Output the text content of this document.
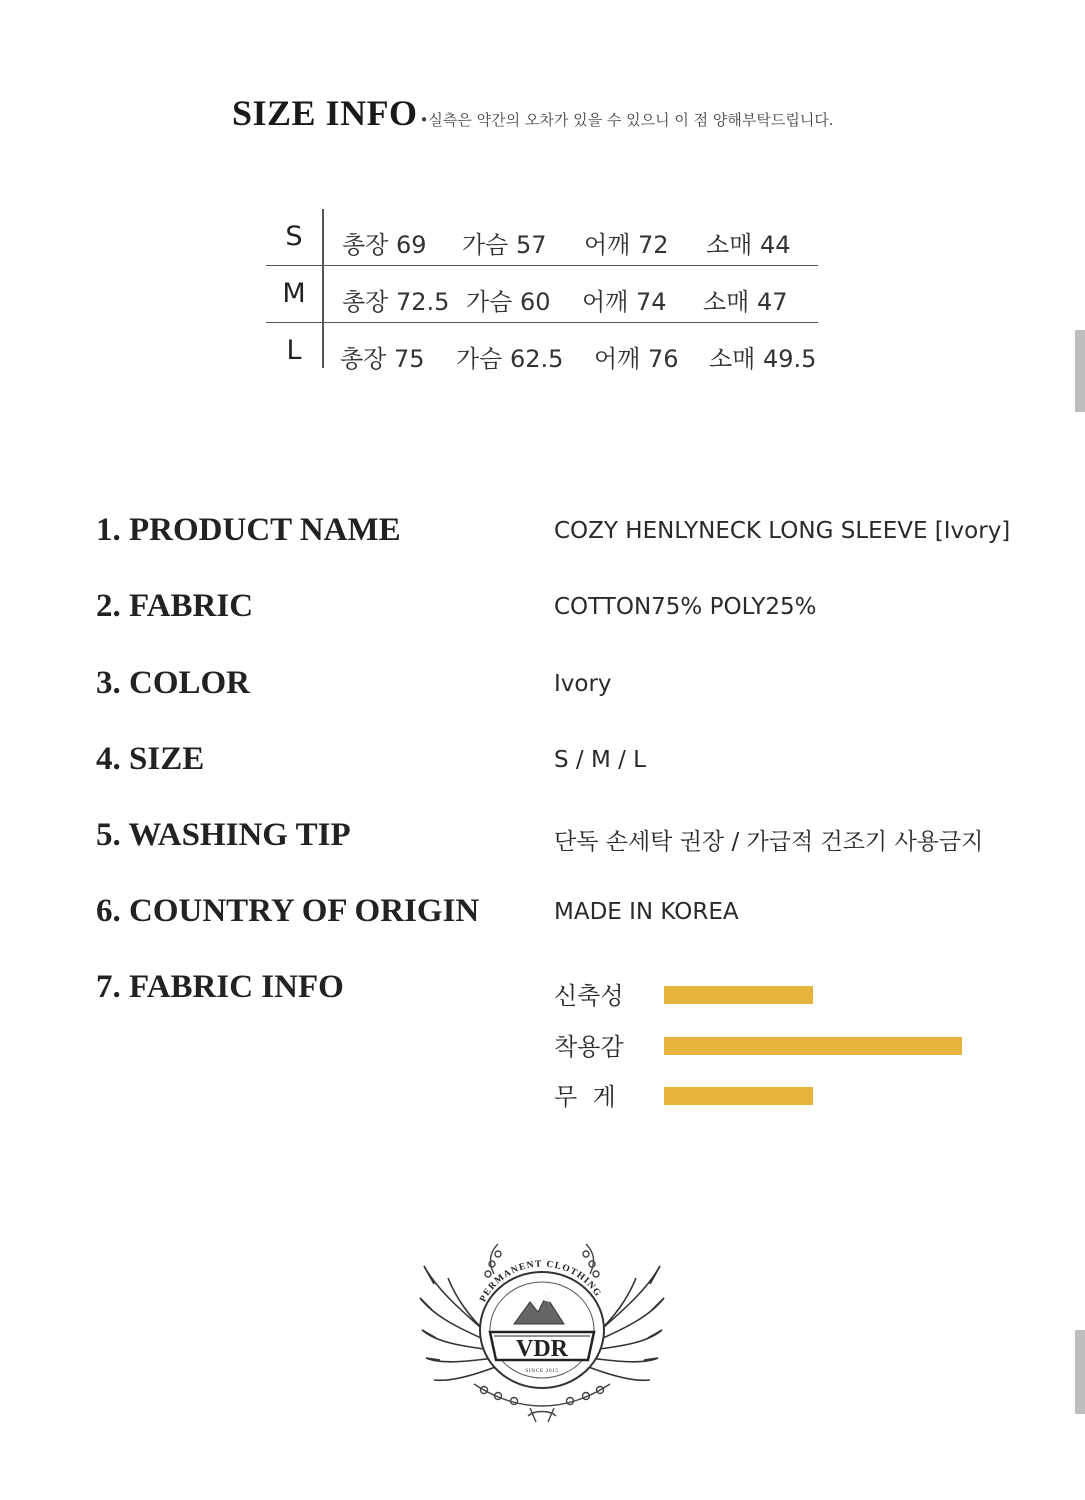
SIZE INFO •실측은 약간의 오차가 있을 수 있으니 이 점 양해부탁드립니다.
S	총장 69 가슴 57 어깨 72 소매 44
M	총장 72.5 가슴 60 어깨 74 소매 47
L	총장 75 가슴 62.5 어깨 76 소매 49.5
1. PRODUCT NAME	COZY HENLYNECK LONG SLEEVE [Ivory]
2. FABRIC	COTTON75% POLY25%
3. COLOR	Ivory
4. SIZE	S / M / L
5. WASHING TIP	단독 손세탁 권장 / 가급적 건조기 사용금지
6. COUNTRY OF ORIGIN	MADE IN KOREA
7. FABRIC INFO	신축성
착용감
무  게
PERMANENT CLOTHING
VDR
SINCE 2015
